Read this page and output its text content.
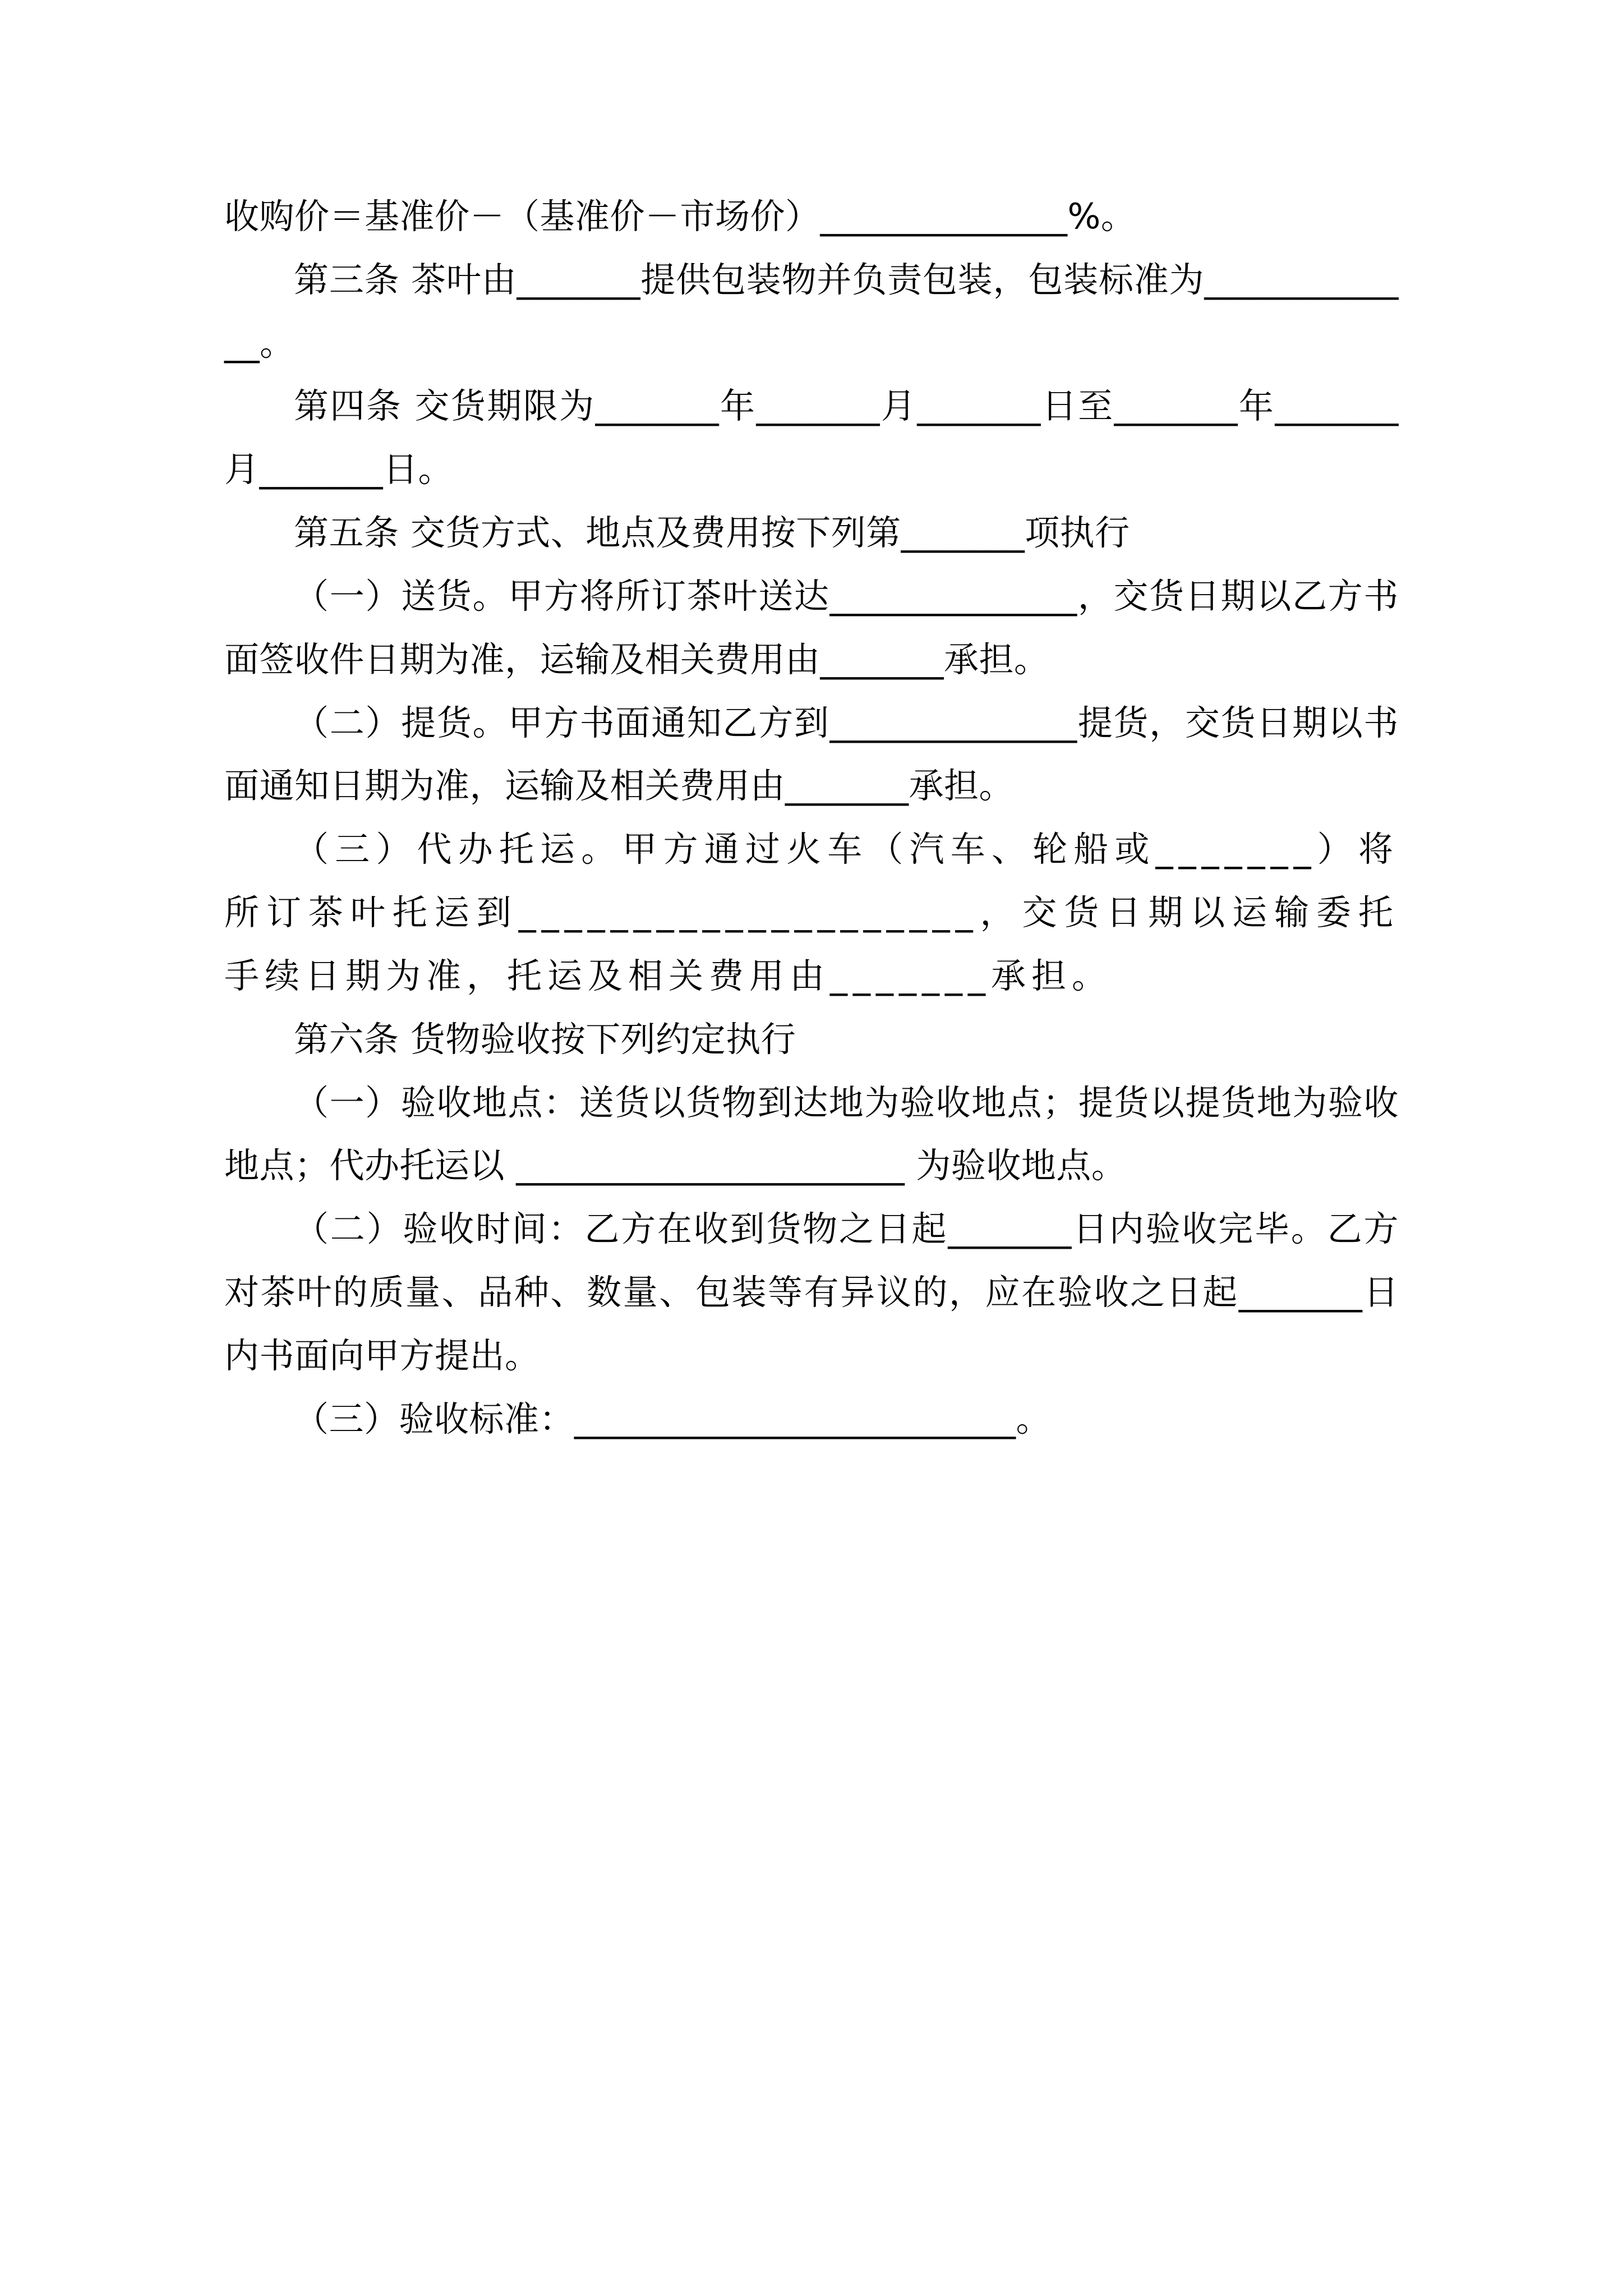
收购价＝基准价－（基准价－市场价）______________%。

第三条 茶叶由_______提供包装物并负责包装，包装标准为_____________。

第四条 交货期限为_______年_______月_______日至_______年_______月_______日。

第五条 交货方式、地点及费用按下列第_______项执行

（一）送货。甲方将所订茶叶送达______________，交货日期以乙方书面签收件日期为准，运输及相关费用由_______承担。

（二）提货。甲方书面通知乙方到______________提货，交货日期以书面通知日期为准，运输及相关费用由_______承担。

（三）代办托运。甲方通过火车（汽车、轮船或_______）将所订茶叶托运到____________________，交货日期以运输委托手续日期为准，托运及相关费用由_______承担。

第六条 货物验收按下列约定执行

（一）验收地点：送货以货物到达地为验收地点；提货以提货地为验收地点；代办托运以 ______________________ 为验收地点。

（二）验收时间：乙方在收到货物之日起_______日内验收完毕。乙方对茶叶的质量、品种、数量、包装等有异议的，应在验收之日起_______日内书面向甲方提出。

（三）验收标准：_________________________。
